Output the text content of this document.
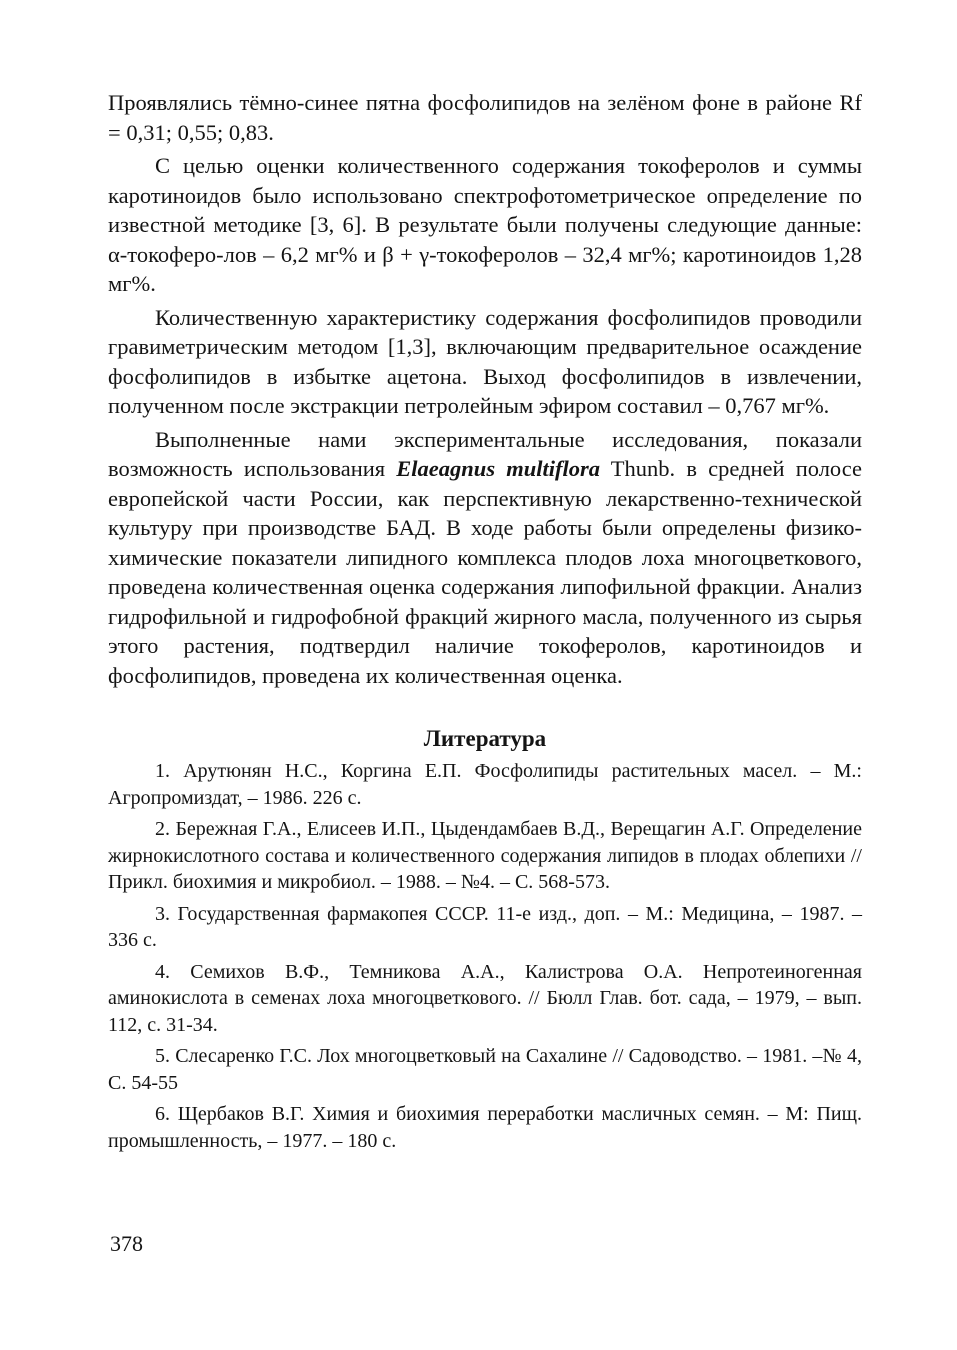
Проявлялись тёмно-синее пятна фосфолипидов на зелёном фоне в районе Rf = 0,31; 0,55; 0,83.

С целью оценки количественного содержания токоферолов и суммы каротиноидов было использовано спектрофотометрическое определение по известной методике [3, 6]. В результате были получены следующие данные: α-токоферо-лов – 6,2 мг% и β + γ-токоферолов – 32,4 мг%; каротиноидов 1,28 мг%.

Количественную характеристику содержания фосфолипидов проводили гравиметрическим методом [1,3], включающим предварительное осаждение фосфолипидов в избытке ацетона. Выход фосфолипидов в извлечении, полученном после экстракции петролейным эфиром составил – 0,767 мг%.

Выполненные нами экспериментальные исследования, показали возможность использования Elaeagnus multiflora Thunb. в средней полосе европейской части России, как перспективную лекарственно-технической культуру при производстве БАД. В ходе работы были определены физико-химические показатели липидного комплекса плодов лоха многоцветкового, проведена количественная оценка содержания липофильной фракции. Анализ гидрофильной и гидрофобной фракций жирного масла, полученного из сырья этого растения, подтвердил наличие токоферолов, каротиноидов и фосфолипидов, проведена их количественная оценка.

Литература
1. Арутюнян Н.С., Коргина Е.П. Фосфолипиды растительных масел. – М.: Агропромиздат, – 1986. 226 с.
2. Бережная Г.А., Елисеев И.П., Цыдендамбаев В.Д., Верещагин А.Г. Определение жирнокислотного состава и количественного содержания липидов в плодах облепихи //Прикл. биохимия и микробиол. – 1988. – №4. – С. 568-573.
3. Государственная фармакопея СССР. 11-е изд., доп. – М.: Медицина, – 1987. – 336 с.
4. Семихов В.Ф., Темникова А.А., Калистрова О.А. Непротеиногенная аминокислота в семенах лоха многоцветкового. // Бюлл Глав. бот. сада, – 1979, – вып. 112, с. 31-34.
5. Слесаренко Г.С. Лох многоцветковый на Сахалине // Садоводство. – 1981. –№ 4, С. 54-55
6. Щербаков В.Г. Химия и биохимия переработки масличных семян. – М: Пищ. промышленность, – 1977. – 180 с.
378
